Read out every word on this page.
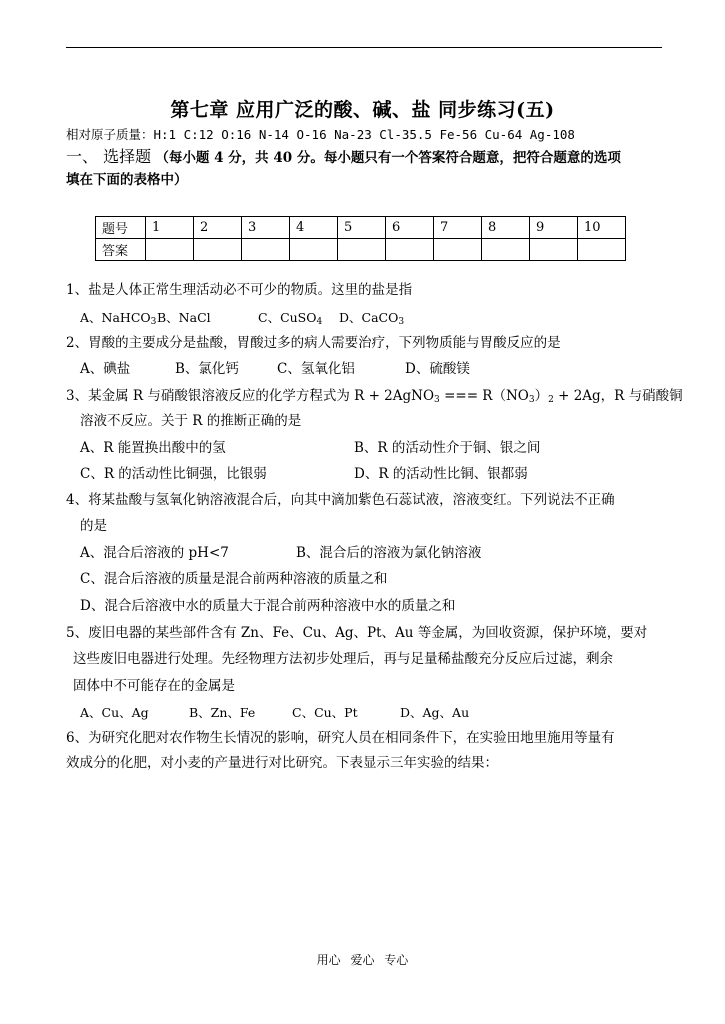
第七章 应用广泛的酸、碱、盐 同步练习(五)
相对原子质量：H:1 C:12 O:16 N-14 O-16 Na-23 Cl-35.5 Fe-56 Cu-64 Ag-108
一、 选择题 （每小题 4 分，共 40 分。每小题只有一个答案符合题意，把符合题意的选项
填在下面的表格中）
题号	1	2	3	4	5	6	7	8	9	10
答案										
1、盐是人体正常生理活动必不可少的物质。这里的盐是指
A、NaHCO$_3$ B、NaCl	C、CuSO$_4$ D、CaCO$_3$
2、胃酸的主要成分是盐酸，胃酸过多的病人需要治疗，下列物质能与胃酸反应的是
A、碘盐	B、氯化钙	C、氢氧化铝	D、硫酸镁
3、某金属 R 与硝酸银溶液反应的化学方程式为 R + 2AgNO$_3$ === $R(NO_3)_2 + 2Ag$，R 与硝酸铜
溶液不反应。关于 R 的推断正确的是
A、R 能置换出酸中的氢	B、R 的活动性介于铜、银之间
C、R 的活动性比铜强，比银弱	D、R 的活动性比铜、银都弱
4、将某盐酸与氢氧化钠溶液混合后，向其中滴加紫色石蕊试液，溶液变红。下列说法不正确
的是
A、混合后溶液的 pH<7	B、混合后的溶液为氯化钠溶液
C、混合后溶液的质量是混合前两种溶液的质量之和
D、混合后溶液中水的质量大于混合前两种溶液中水的质量之和
5、废旧电器的某些部件含有 Zn、Fe、Cu、Ag、Pt、Au 等金属，为回收资源，保护环境，要对
这些废旧电器进行处理。先经物理方法初步处理后，再与足量稀盐酸充分反应后过滤，剩余
固体中不可能存在的金属是
A、Cu、Ag	B、Zn、Fe	C、Cu、Pt	D、Ag、Au
6、为研究化肥对农作物生长情况的影响，研究人员在相同条件下，在实验田地里施用等量有
效成分的化肥，对小麦的产量进行对比研究。下表显示三年实验的结果：
用心 爱心 专心
